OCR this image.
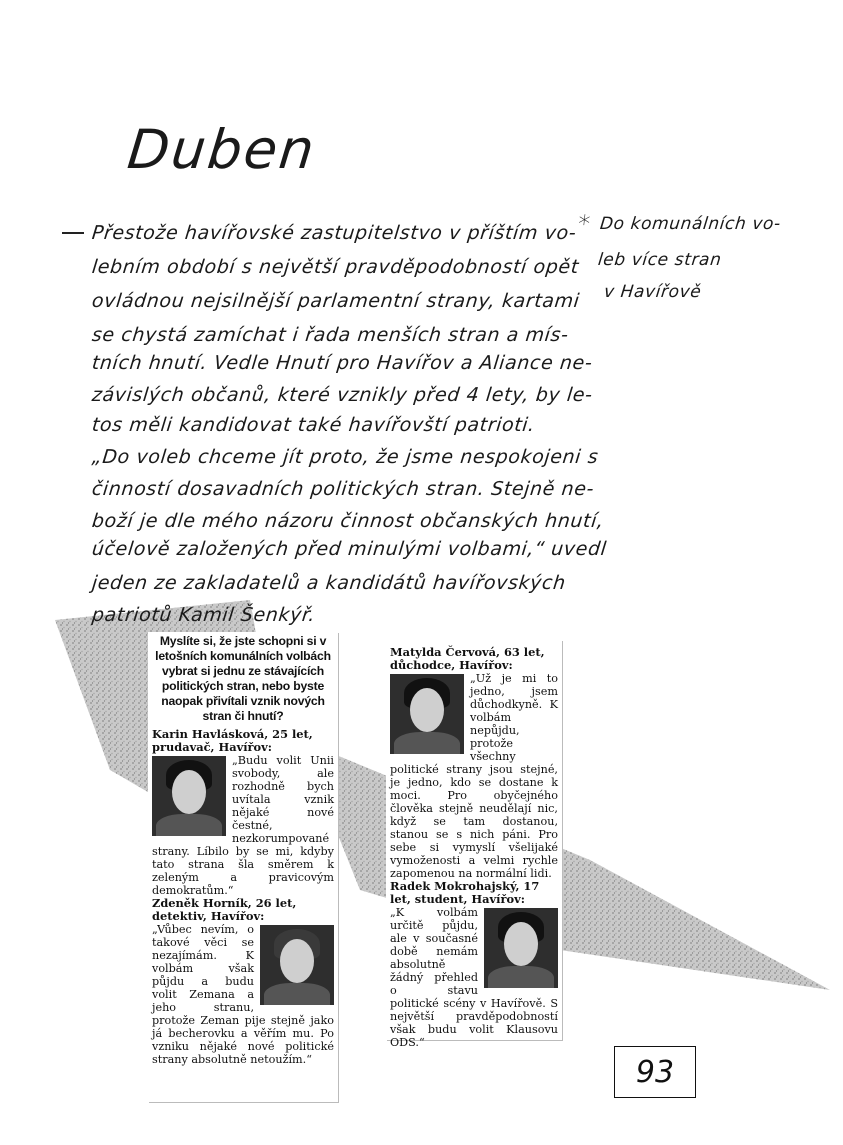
Duben
Přestože havířovské zastupitelstvo v příštím vo-
lebním období s největší pravděpodobností opět
ovládnou nejsilnější parlamentní strany, kartami
se chystá zamíchat i řada menších stran a mís-
tních hnutí. Vedle Hnutí pro Havířov a Aliance ne-
závislých občanů, které vznikly před 4 lety, by le-
tos měli kandidovat také havířovští patrioti.
„Do voleb chceme jít proto, že jsme nespokojeni s
činností dosavadních politických stran. Stejně ne-
boží je dle mého názoru činnost občanských hnutí,
účelově založených před minulými volbami,“ uvedl
jeden ze zakladatelů a kandidátů havířovských
patriotů Kamil Šenkýř.
* Do komunálních vo-
leb více stran
v Havířově
Myslíte si, že jste schopni si v letošních komunálních volbách vybrat si jednu ze stávajících politických stran, nebo byste naopak přivítali vznik nových stran či hnutí?
Karin Havlásková, 25 let, prudavač, Havířov:
„Budu volit Unii svobody, ale rozhodně bych uvítala vznik nějaké nové čestné, nezkorumpované strany. Líbilo by se mi, kdyby tato strana šla směrem k zeleným a pravicovým demokratům.“
Zdeněk Horník, 26 let, detektiv, Havířov:
„Vůbec nevím, o takové věci se nezajímám. K volbám však půjdu a budu volit Zemana a jeho stranu, protože Zeman pije stejně jako já becherovku a věřím mu. Po vzniku nějaké nové politické strany absolutně netoužím.“
Matylda Červová, 63 let, důchodce, Havířov:
„Už je mi to jedno, jsem důchodkyně. K volbám nepůjdu, protože všechny politické strany jsou stejné, je jedno, kdo se dostane k moci. Pro obyčejného člověka stejně neudělají nic, když se tam dostanou, stanou se s nich páni. Pro sebe si vymyslí všelijaké vymoženosti a velmi rychle zapomenou na normální lidi.
Radek Mokrohajský, 17 let, student, Havířov:
„K volbám určitě půjdu, ale v současné době nemám absolutně žádný přehled o stavu politické scény v Havířově. S největší pravděpodobností však budu volit Klausovu ODS.“
93
